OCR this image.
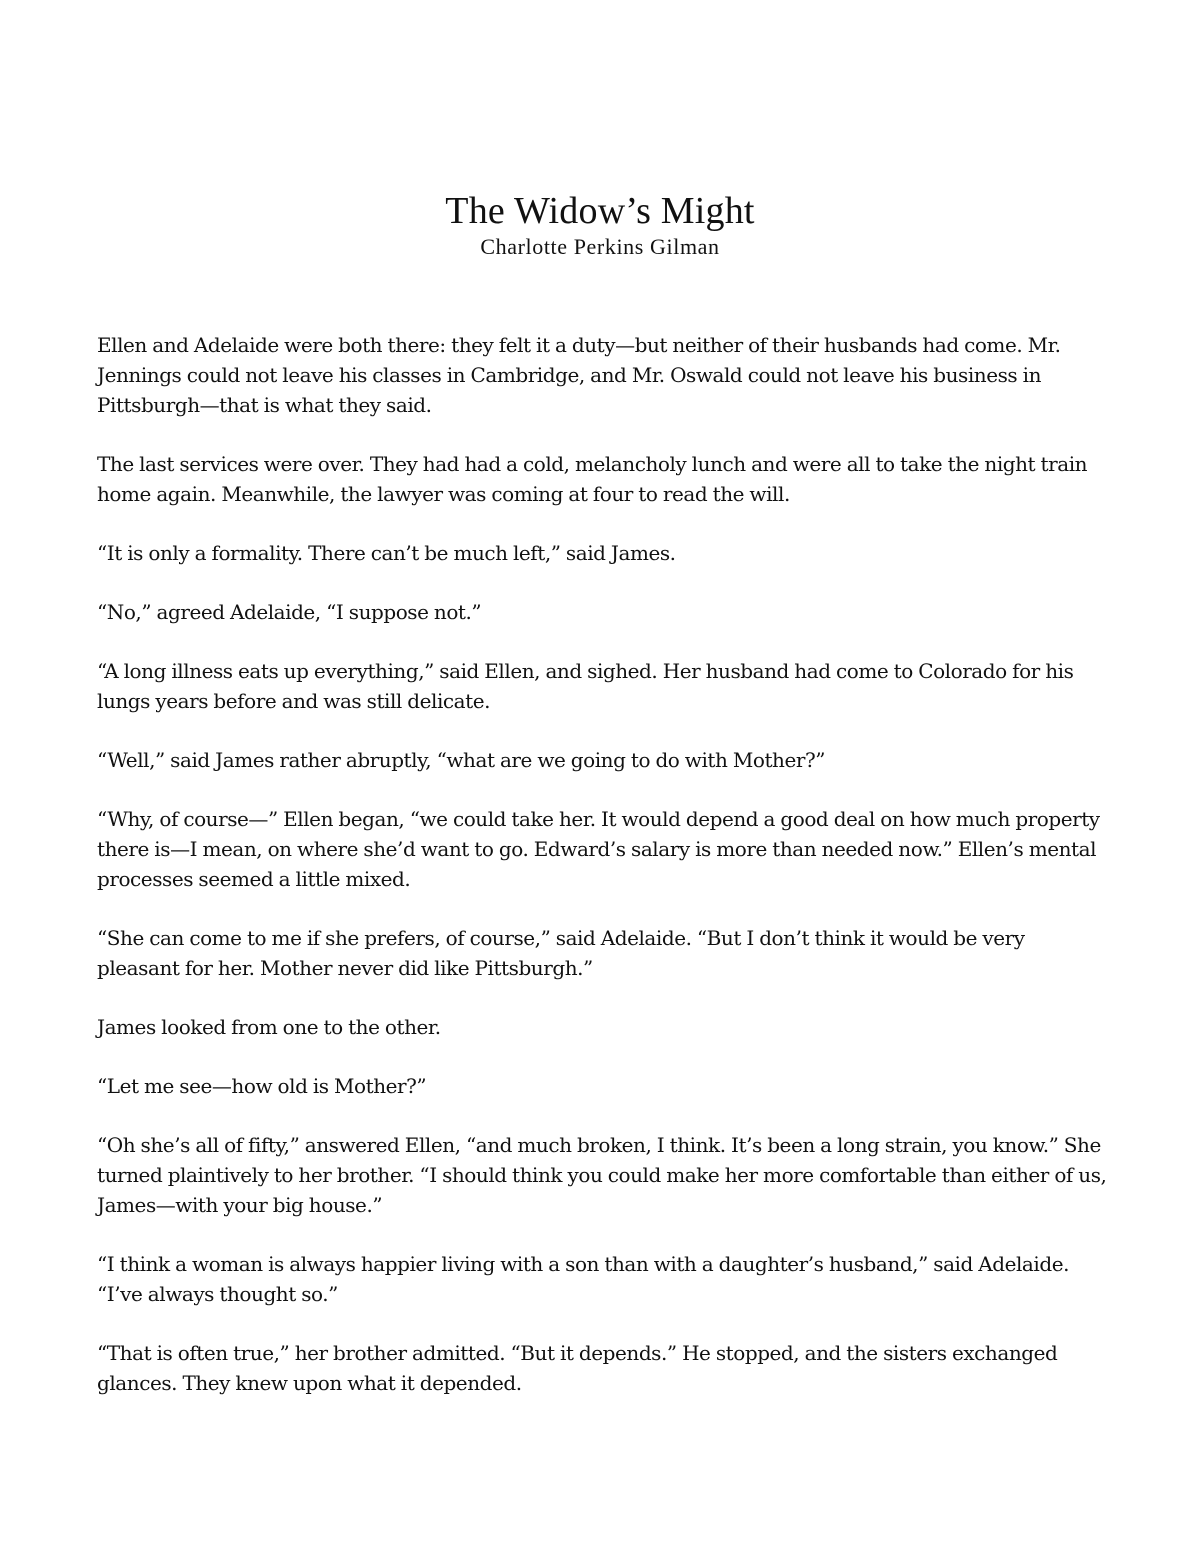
The Widow’s Might

Charlotte Perkins Gilman

Ellen and Adelaide were both there: they felt it a duty—but neither of their husbands had come. Mr. Jennings could not leave his classes in Cambridge, and Mr. Oswald could not leave his business in Pittsburgh—that is what they said.

The last services were over. They had had a cold, melancholy lunch and were all to take the night train home again. Meanwhile, the lawyer was coming at four to read the will.

“It is only a formality. There can’t be much left,” said James.

“No,” agreed Adelaide, “I suppose not.”

“A long illness eats up everything,” said Ellen, and sighed. Her husband had come to Colorado for his lungs years before and was still delicate.

“Well,” said James rather abruptly, “what are we going to do with Mother?”

“Why, of course—” Ellen began, “we could take her. It would depend a good deal on how much property there is—I mean, on where she’d want to go. Edward’s salary is more than needed now.” Ellen’s mental processes seemed a little mixed.

“She can come to me if she prefers, of course,” said Adelaide. “But I don’t think it would be very pleasant for her. Mother never did like Pittsburgh.”

James looked from one to the other.

“Let me see—how old is Mother?”

“Oh she’s all of fifty,” answered Ellen, “and much broken, I think. It’s been a long strain, you know.” She turned plaintively to her brother. “I should think you could make her more comfortable than either of us, James—with your big house.”

“I think a woman is always happier living with a son than with a daughter’s husband,” said Adelaide. “I’ve always thought so.”

“That is often true,” her brother admitted. “But it depends.” He stopped, and the sisters exchanged glances. They knew upon what it depended.
